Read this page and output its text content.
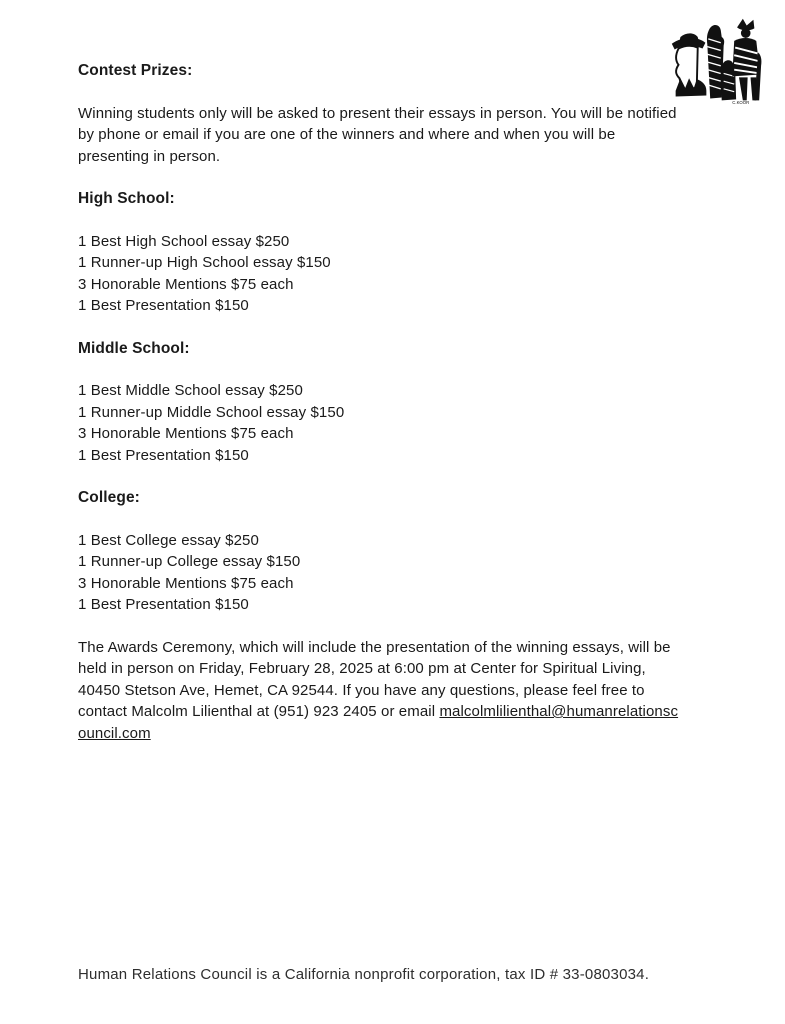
C.KOOR
Contest Prizes:

Winning students only will be asked to present their essays in person. You will be notified by phone or email if you are one of the winners and where and when you will be presenting in person.

High School:
1 Best High School essay $250
1 Runner-up High School essay $150
3 Honorable Mentions $75 each
1 Best Presentation $150
Middle School:
1 Best Middle School essay $250
1 Runner-up Middle School essay $150
3 Honorable Mentions $75 each
1 Best Presentation $150
College:
1 Best College essay $250
1 Runner-up College essay $150
3 Honorable Mentions $75 each
1 Best Presentation $150

The Awards Ceremony, which will include the presentation of the winning essays, will be held in person on Friday, February 28, 2025 at 6:00 pm at Center for Spiritual Living, 40450 Stetson Ave, Hemet, CA 92544. If you have any questions, please feel free to contact Malcolm Lilienthal at (951) 923 2405 or email malcolmlilienthal@humanrelationscouncil.com

Human Relations Council is a California nonprofit corporation, tax ID # 33-0803034.
